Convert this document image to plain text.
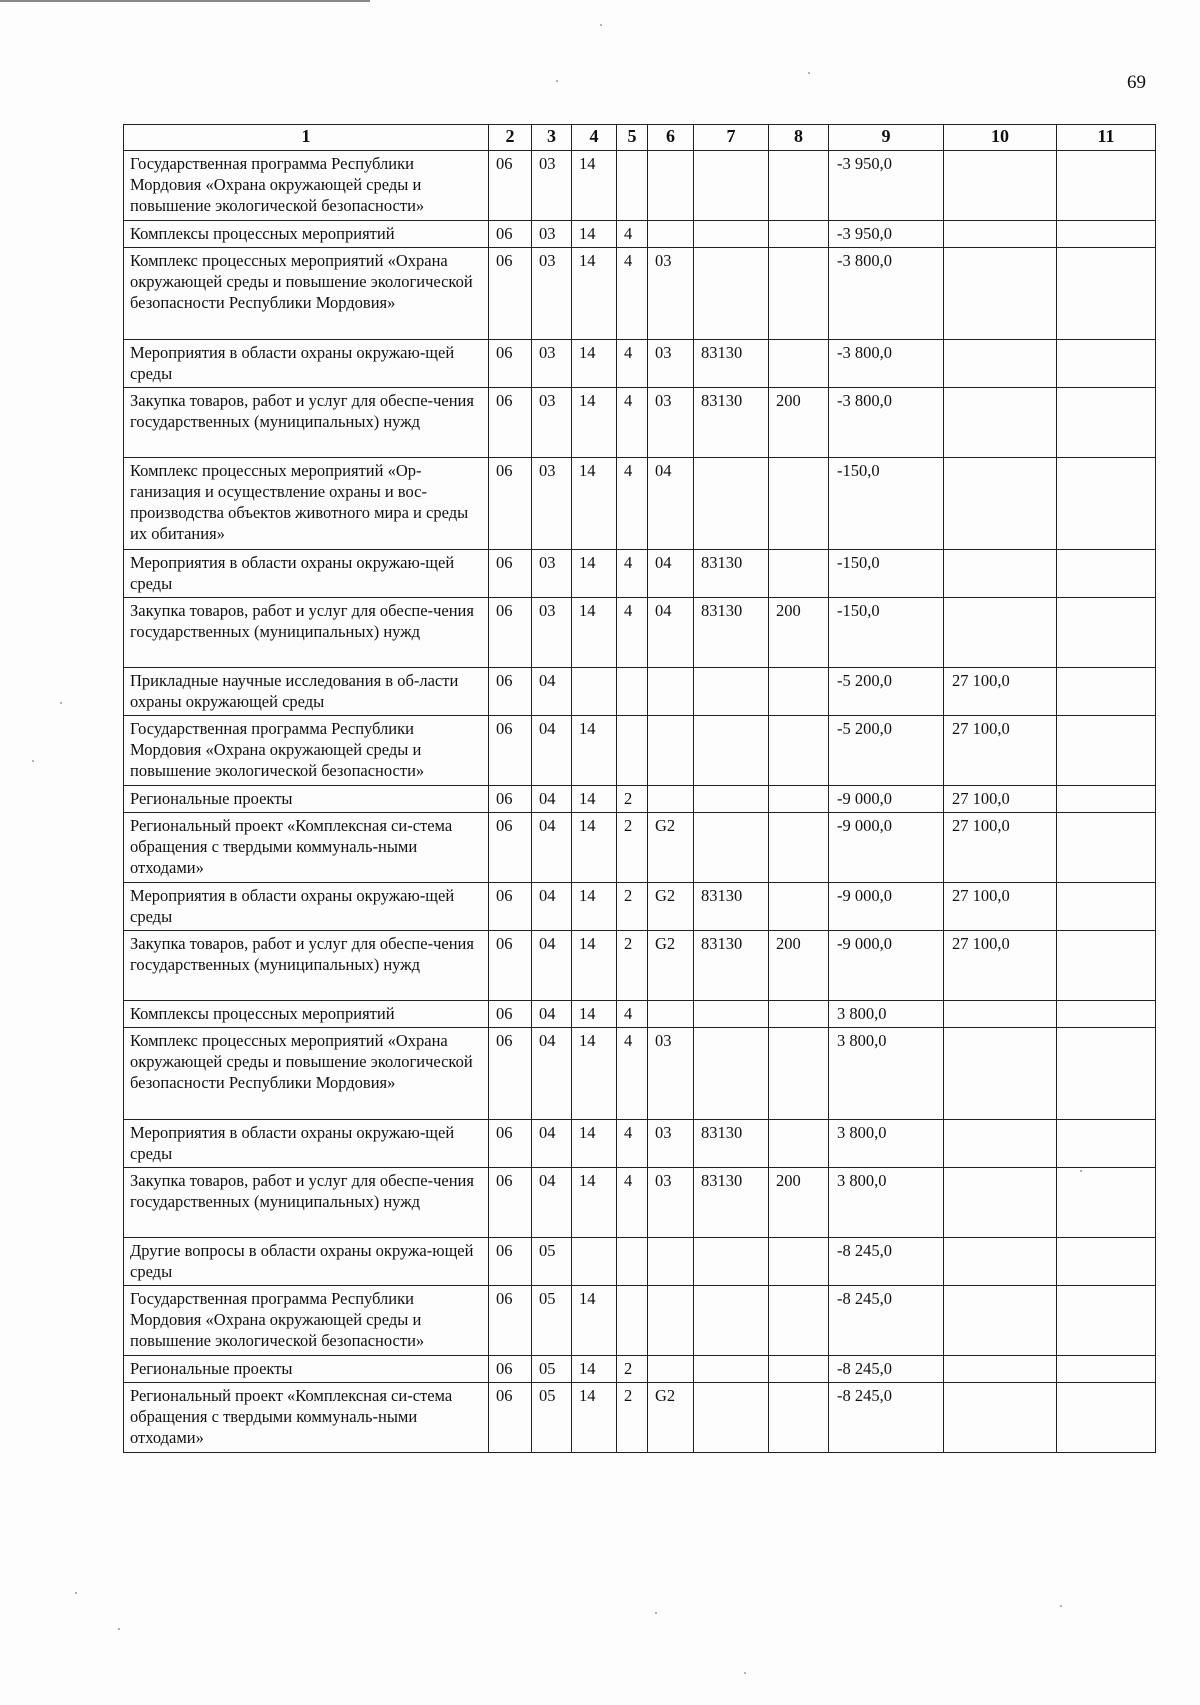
69
1	2	3	4	5	6	7	8	9	10	11
Государственная программа Республики Мордовия «Охрана окружающей среды и повышение экологической безопасности»	06	03	14					-3 950,0		
Комплексы процессных мероприятий	06	03	14	4				-3 950,0		
Комплекс процессных мероприятий «Охрана окружающей среды и повышение экологической безопасности Республики Мордовия»	06	03	14	4	03			-3 800,0		
Мероприятия в области охраны окружаю-щей среды	06	03	14	4	03	83130		-3 800,0		
Закупка товаров, работ и услуг для обеспе-чения государственных (муниципальных) нужд	06	03	14	4	03	83130	200	-3 800,0		
Комплекс процессных мероприятий «Ор-ганизация и осуществление охраны и вос-производства объектов животного мира и среды их обитания»	06	03	14	4	04			-150,0		
Мероприятия в области охраны окружаю-щей среды	06	03	14	4	04	83130		-150,0		
Закупка товаров, работ и услуг для обеспе-чения государственных (муниципальных) нужд	06	03	14	4	04	83130	200	-150,0		
Прикладные научные исследования в об-ласти охраны окружающей среды	06	04						-5 200,0	27 100,0	
Государственная программа Республики Мордовия «Охрана окружающей среды и повышение экологической безопасности»	06	04	14					-5 200,0	27 100,0	
Региональные проекты	06	04	14	2				-9 000,0	27 100,0	
Региональный проект «Комплексная си-стема обращения с твердыми коммуналь-ными отходами»	06	04	14	2	G2			-9 000,0	27 100,0	
Мероприятия в области охраны окружаю-щей среды	06	04	14	2	G2	83130		-9 000,0	27 100,0	
Закупка товаров, работ и услуг для обеспе-чения государственных (муниципальных) нужд	06	04	14	2	G2	83130	200	-9 000,0	27 100,0	
Комплексы процессных мероприятий	06	04	14	4				3 800,0		
Комплекс процессных мероприятий «Охрана окружающей среды и повышение экологической безопасности Республики Мордовия»	06	04	14	4	03			3 800,0		
Мероприятия в области охраны окружаю-щей среды	06	04	14	4	03	83130		3 800,0		
Закупка товаров, работ и услуг для обеспе-чения государственных (муниципальных) нужд	06	04	14	4	03	83130	200	3 800,0		
Другие вопросы в области охраны окружа-ющей среды	06	05						-8 245,0		
Государственная программа Республики Мордовия «Охрана окружающей среды и повышение экологической безопасности»	06	05	14					-8 245,0		
Региональные проекты	06	05	14	2				-8 245,0		
Региональный проект «Комплексная си-стема обращения с твердыми коммуналь-ными отходами»	06	05	14	2	G2			-8 245,0		
